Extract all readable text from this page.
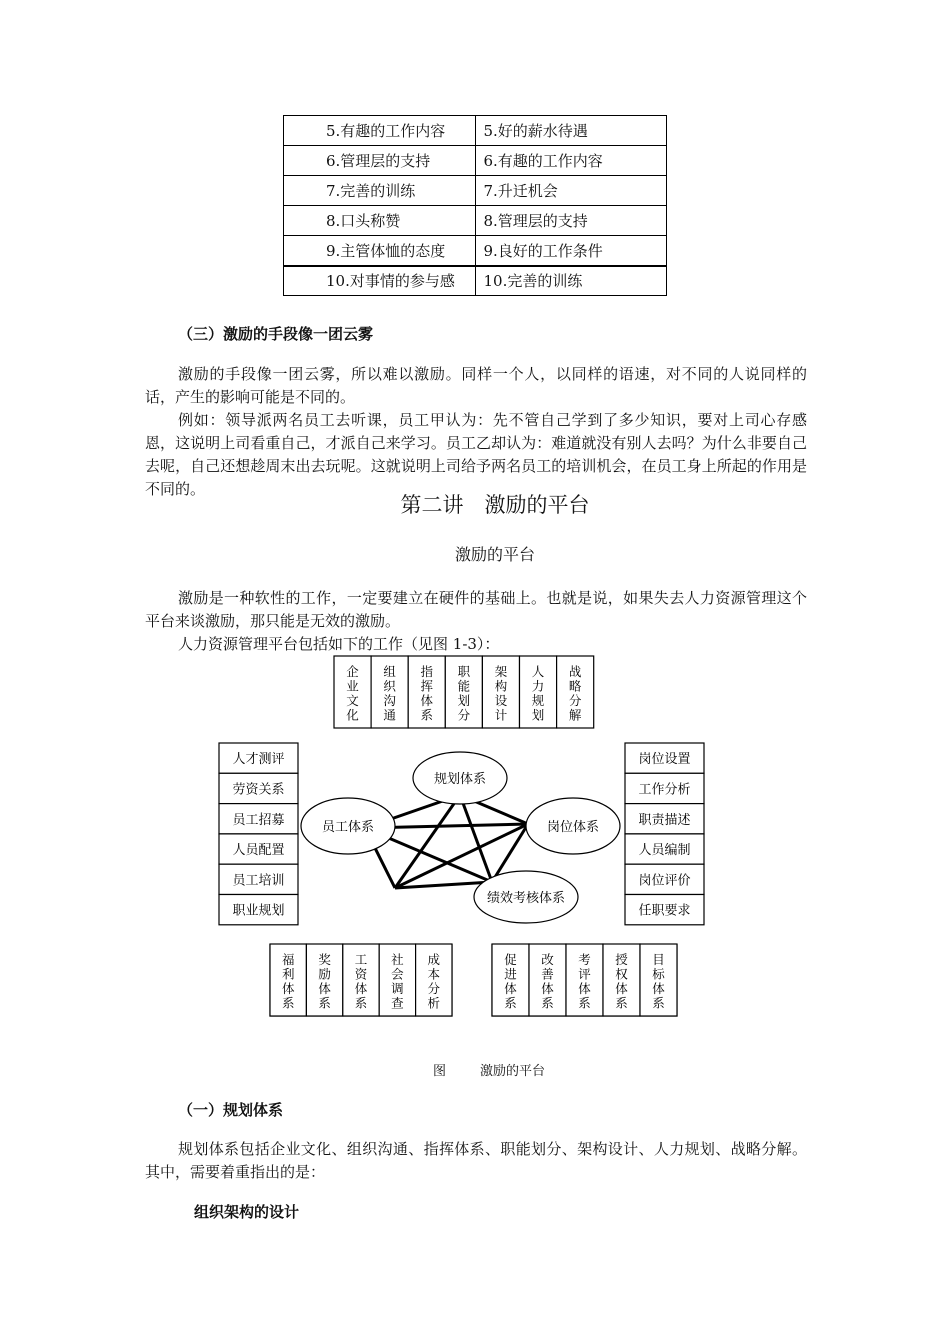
5.有趣的工作内容	5.好的薪水待遇
6.管理层的支持	6.有趣的工作内容
7.完善的训练	7.升迁机会
8.口头称赞	8.管理层的支持
9.主管体恤的态度	9.良好的工作条件
10.对事情的参与感	10.完善的训练
（三）激励的手段像一团云雾

激励的手段像一团云雾，所以难以激励。同样一个人，以同样的语速，对不同的人说同样的话，产生的影响可能是不同的。

例如：领导派两名员工去听课，员工甲认为：先不管自己学到了多少知识，要对上司心存感恩，这说明上司看重自己，才派自己来学习。员工乙却认为：难道就没有别人去吗？为什么非要自己去呢，自己还想趁周末出去玩呢。这就说明上司给予两名员工的培训机会，在员工身上所起的作用是不同的。

第二讲　激励的平台
激励的平台

激励是一种软性的工作，一定要建立在硬件的基础上。也就是说，如果失去人力资源管理这个平台来谈激励，那只能是无效的激励。

人力资源管理平台包括如下的工作（见图 1-3）：

企业文化
组织沟通
指挥体系
职能划分
架构设计
人力规划
战略分解
人才测评
劳资关系
员工招募
人员配置
员工培训
职业规划
岗位设置
工作分析
职责描述
人员编制
岗位评价
任职要求
福利体系
奖励体系
工资体系
社会调查
成本分析
促进体系
改善体系
考评体系
授权体系
目标体系
规划体系
员工体系	岗位体系
绩效考核体系
图	激励的平台
（一）规划体系

规划体系包括企业文化、组织沟通、指挥体系、职能划分、架构设计、人力规划、战略分解。其中，需要着重指出的是：

组织架构的设计
